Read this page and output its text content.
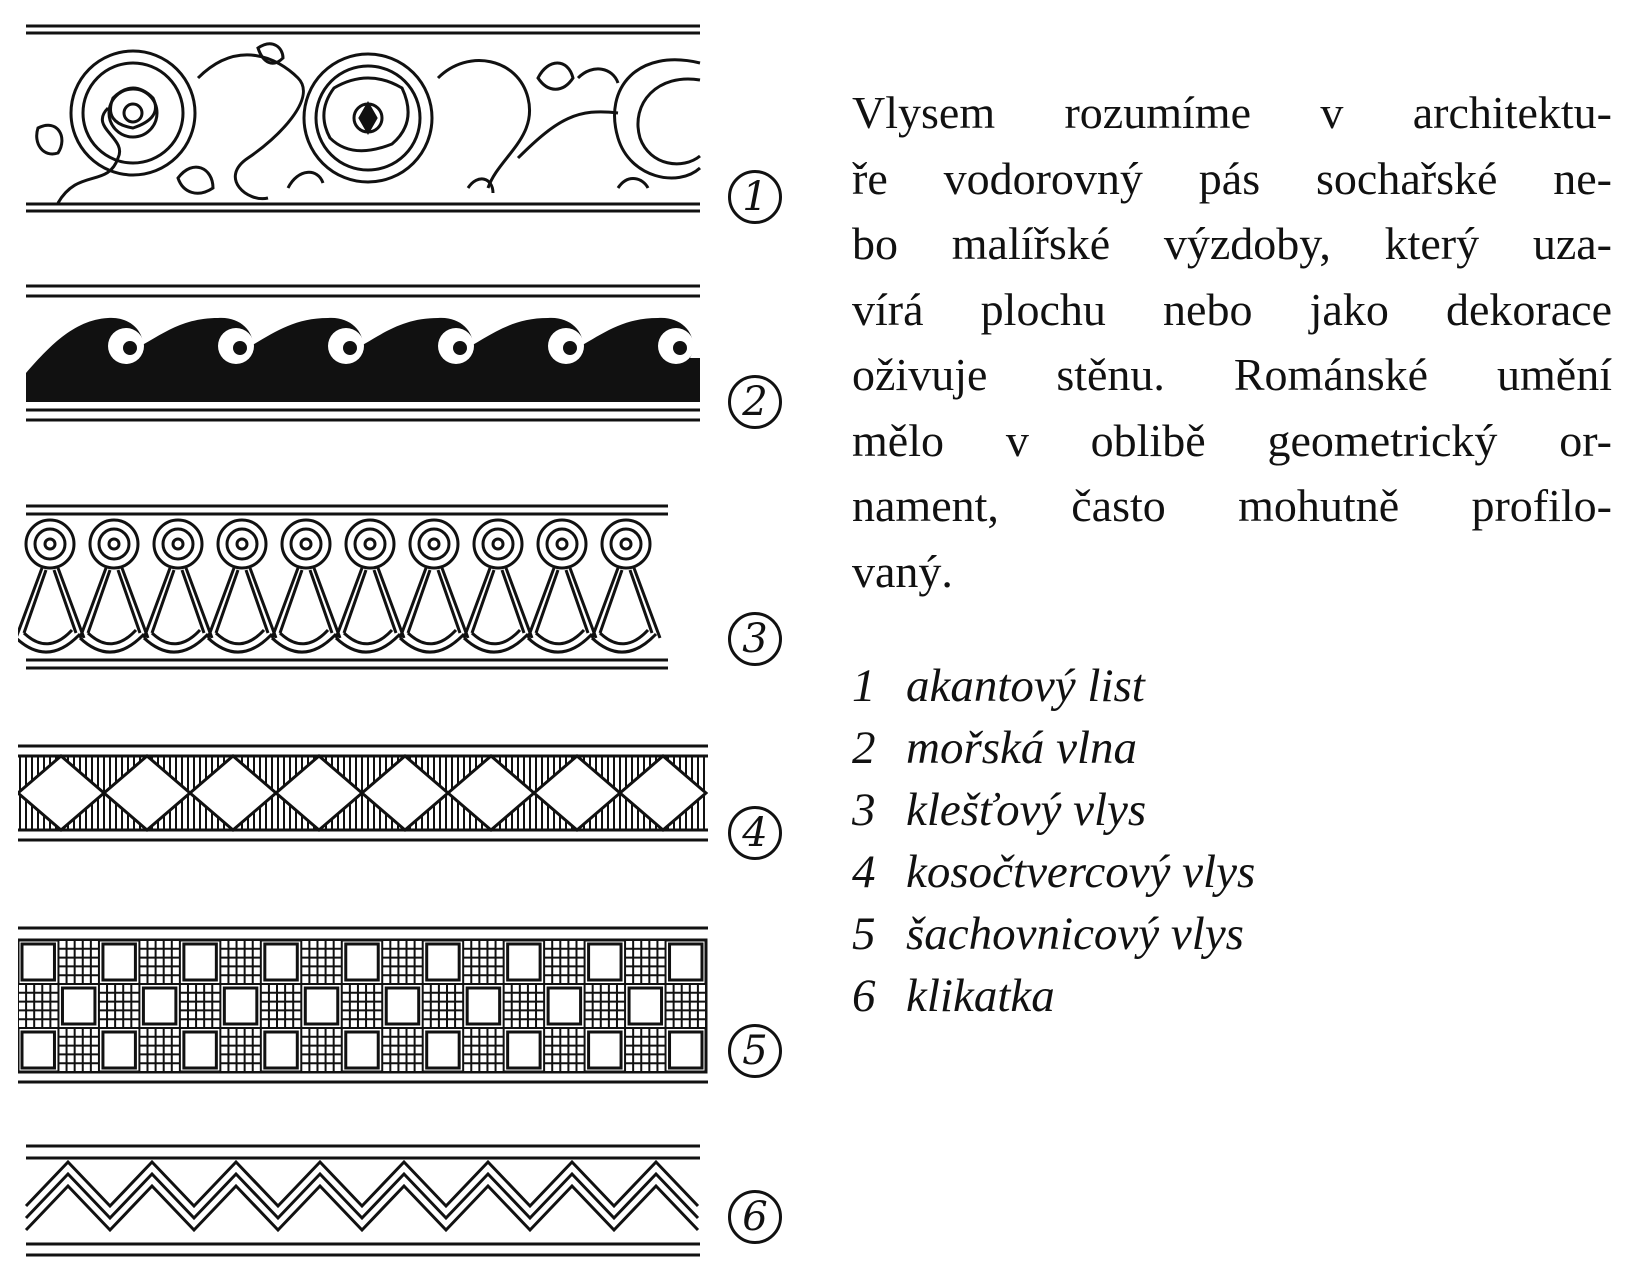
1
2
3
4
5
6

Vlysem rozumíme v architektu-
ře vodorovný pás sochařské ne-
bo malířské výzdoby, který uza-
vírá plochu nebo jako dekorace
oživuje stěnu. Románské umění
mělo v oblibě geometrický or-
nament, často mohutně profilo-
vaný.

1 akantový list
2 mořská vlna
3 klešťový vlys
4 kosočtvercový vlys
5 šachovnicový vlys
6 klikatka
